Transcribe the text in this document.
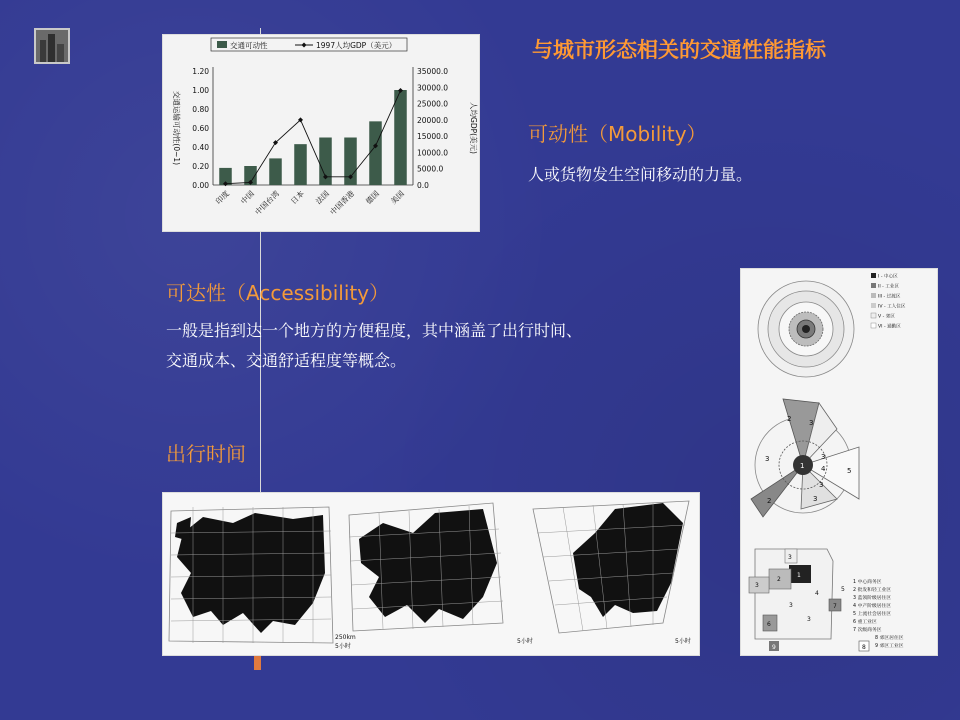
与城市形态相关的交通性能指标
交通可动性	1997人均GDP（美元）
1.20
1.00
0.80
0.60
0.40
0.20
0.00
35000.0
30000.0
25000.0
20000.0
15000.0
10000.0
5000.0
0.0
交通运输可动性(0~1)	人均GDP(美元)
印度 中国
中国台湾 日本 法国
中国香港 德国 美国
可动性（Mobility）
人或货物发生空间移动的力量。
可达性（Accessibility）
一般是指到达一个地方的方便程度，其中涵盖了出行时间、
交通成本、交通舒适程度等概念。
出行时间
250km
5小时
5小时	5小时
I - 中心区
II - 工业区
III - 过渡区
IV - 工人住区
V - 郊区
VI - 通勤区
1
2	3
3	3
4	5
2
3
3
3
1
2
3
3
4
5
7
3
6
9	8
1 中心商务区
2 批发和轻工业区
3 蓝领阶级居住区
4 中产阶级居住区
5 上流社会居住区
6 重工业区
7 次级商务区
8 郊区居住区
9 郊区工业区
